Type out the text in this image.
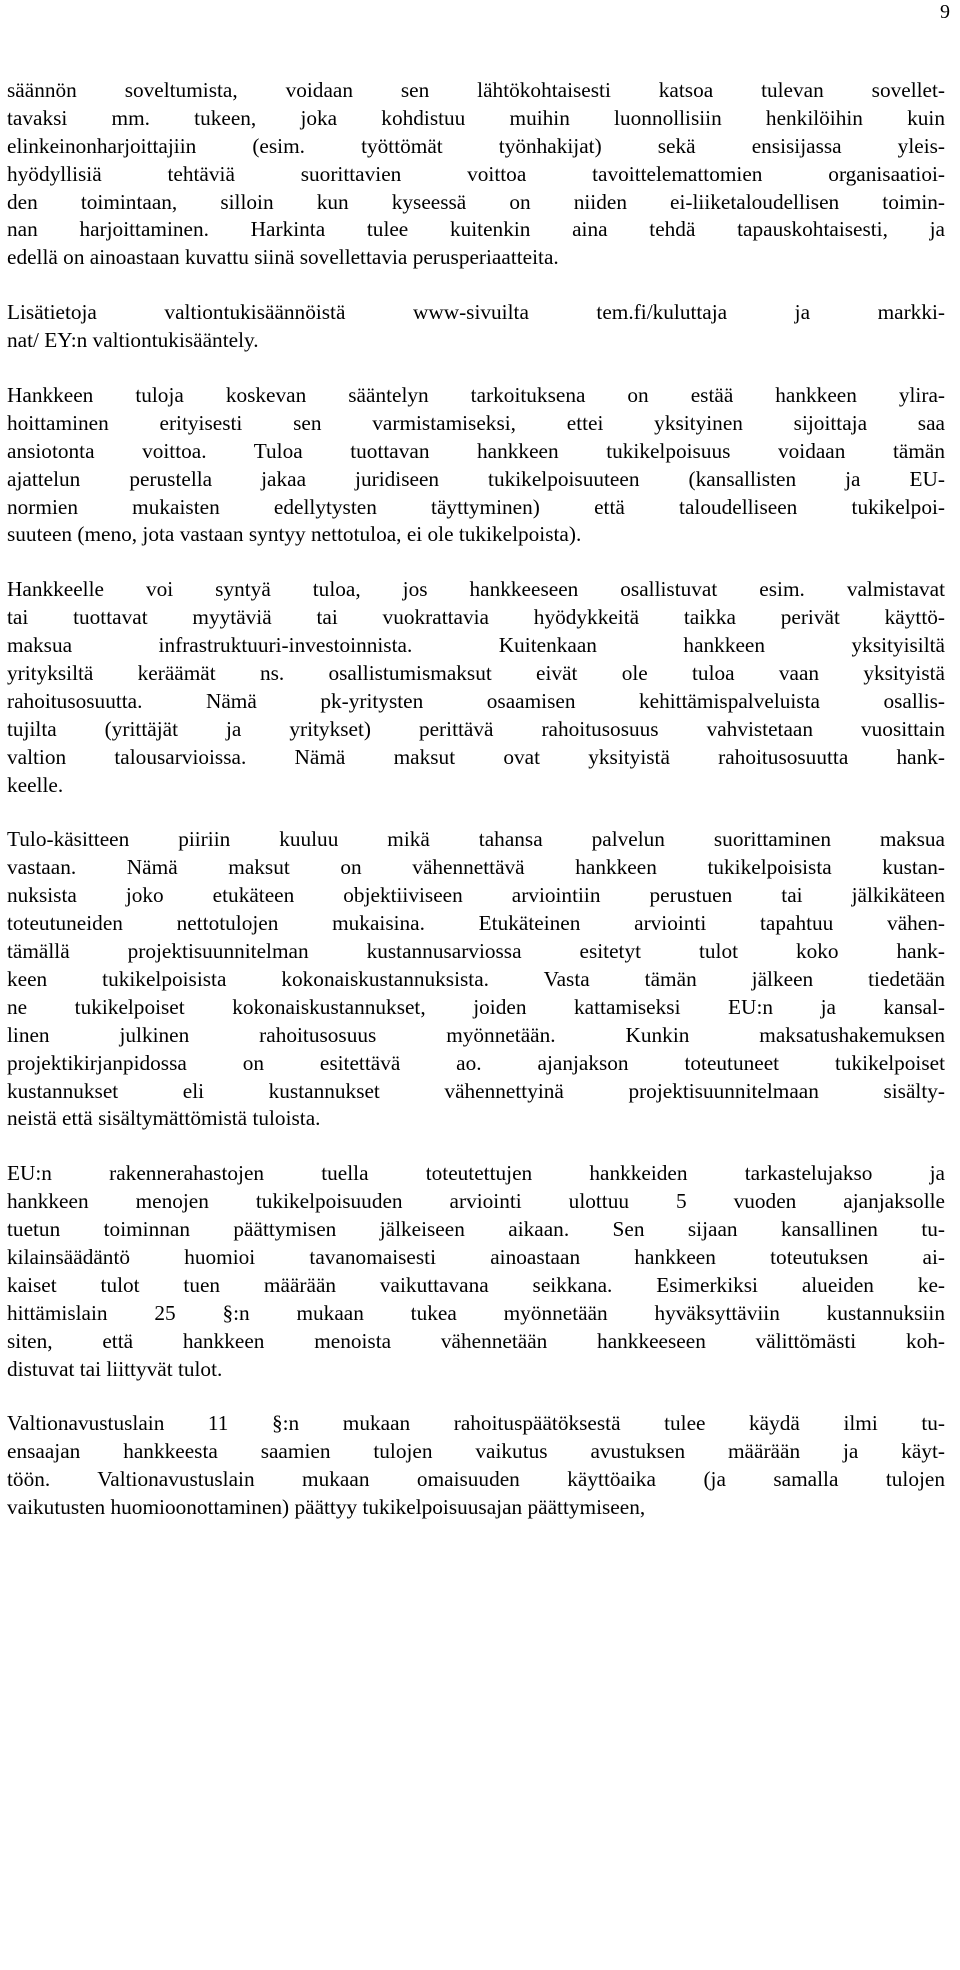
9
säännön soveltumista, voidaan sen lähtökohtaisesti katsoa tulevan sovellet-
tavaksi mm. tukeen, joka kohdistuu muihin luonnollisiin henkilöihin kuin
elinkeinonharjoittajiin (esim. työttömät työnhakijat) sekä ensisijassa yleis-
hyödyllisiä tehtäviä suorittavien voittoa tavoittelemattomien organisaatioi-
den toimintaan, silloin kun kyseessä on niiden ei-liiketaloudellisen toimin-
nan harjoittaminen. Harkinta tulee kuitenkin aina tehdä tapauskohtaisesti, ja
edellä on ainoastaan kuvattu siinä sovellettavia perusperiaatteita.
Lisätietoja valtiontukisäännöistä www-sivuilta tem.fi/kuluttaja ja markki-
nat/ EY:n valtiontukisääntely.
Hankkeen tuloja koskevan sääntelyn tarkoituksena on estää hankkeen ylira-
hoittaminen erityisesti sen varmistamiseksi, ettei yksityinen sijoittaja saa
ansiotonta voittoa. Tuloa tuottavan hankkeen tukikelpoisuus voidaan tämän
ajattelun perustella jakaa juridiseen tukikelpoisuuteen (kansallisten ja EU-
normien mukaisten edellytysten täyttyminen) että taloudelliseen tukikelpoi-
suuteen (meno, jota vastaan syntyy nettotuloa, ei ole tukikelpoista).
Hankkeelle voi syntyä tuloa, jos hankkeeseen osallistuvat esim. valmistavat
tai tuottavat myytäviä tai vuokrattavia hyödykkeitä taikka perivät käyttö-
maksua infrastruktuuri-investoinnista. Kuitenkaan hankkeen yksityisiltä
yrityksiltä keräämät ns. osallistumismaksut eivät ole tuloa vaan yksityistä
rahoitusosuutta. Nämä pk-yritysten osaamisen kehittämispalveluista osallis-
tujilta (yrittäjät ja yritykset) perittävä rahoitusosuus vahvistetaan vuosittain
valtion talousarvioissa. Nämä maksut ovat yksityistä rahoitusosuutta hank-
keelle.
Tulo-käsitteen piiriin kuuluu mikä tahansa palvelun suorittaminen maksua
vastaan. Nämä maksut on vähennettävä hankkeen tukikelpoisista kustan-
nuksista joko etukäteen objektiiviseen arviointiin perustuen tai jälkikäteen
toteutuneiden nettotulojen mukaisina. Etukäteinen arviointi tapahtuu vähen-
tämällä projektisuunnitelman kustannusarviossa esitetyt tulot koko hank-
keen tukikelpoisista kokonaiskustannuksista. Vasta tämän jälkeen tiedetään
ne tukikelpoiset kokonaiskustannukset, joiden kattamiseksi EU:n ja kansal-
linen julkinen rahoitusosuus myönnetään. Kunkin maksatushakemuksen
projektikirjanpidossa on esitettävä ao. ajanjakson toteutuneet tukikelpoiset
kustannukset eli kustannukset vähennettyinä projektisuunnitelmaan sisälty-
neistä että sisältymättömistä tuloista.
EU:n rakennerahastojen tuella toteutettujen hankkeiden tarkastelujakso ja
hankkeen menojen tukikelpoisuuden arviointi ulottuu 5 vuoden ajanjaksolle
tuetun toiminnan päättymisen jälkeiseen aikaan. Sen sijaan kansallinen tu-
kilainsäädäntö huomioi tavanomaisesti ainoastaan hankkeen toteutuksen ai-
kaiset tulot tuen määrään vaikuttavana seikkana. Esimerkiksi alueiden ke-
hittämislain 25 §:n mukaan tukea myönnetään hyväksyttäviin kustannuksiin
siten, että hankkeen menoista vähennetään hankkeeseen välittömästi koh-
distuvat tai liittyvät tulot.
Valtionavustuslain 11 §:n mukaan rahoituspäätöksestä tulee käydä ilmi tu-
ensaajan hankkeesta saamien tulojen vaikutus avustuksen määrään ja käyt-
töön. Valtionavustuslain mukaan omaisuuden käyttöaika (ja samalla tulojen
vaikutusten huomioonottaminen) päättyy tukikelpoisuusajan päättymiseen,
